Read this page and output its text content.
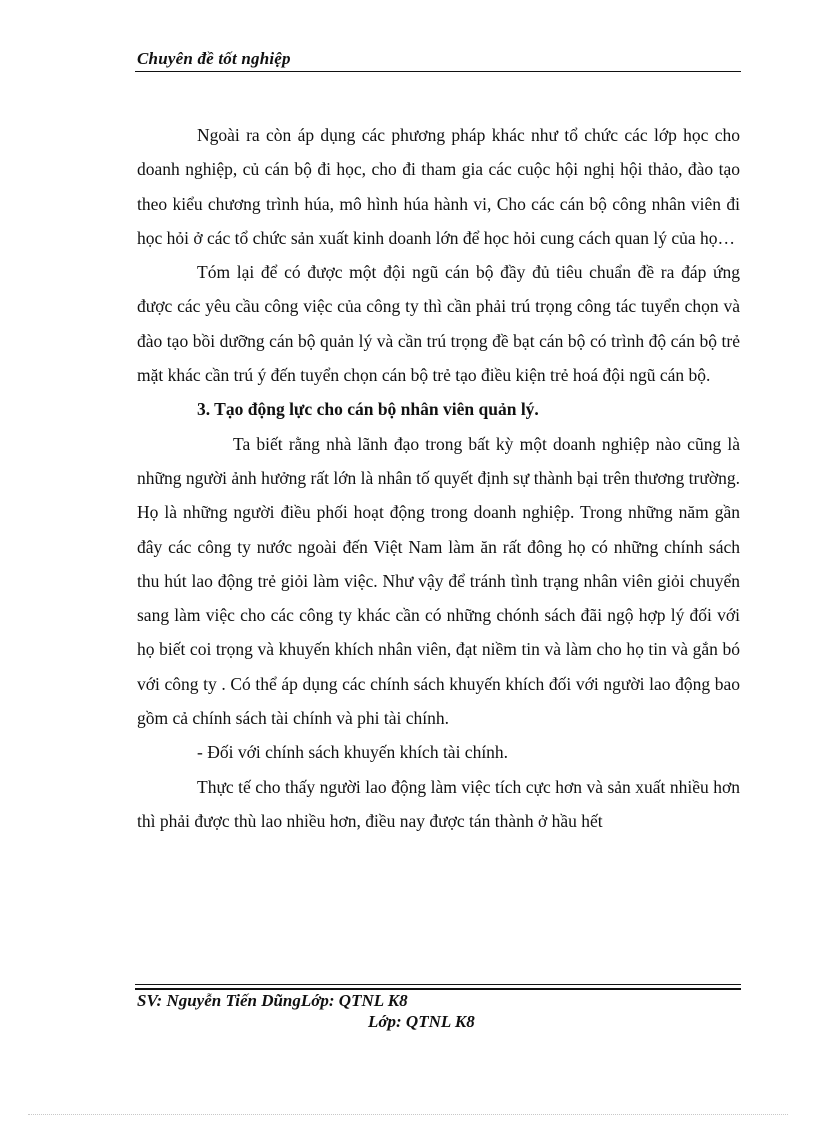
Chuyên đề tốt nghiệp

Ngoài ra còn áp dụng các phương pháp khác như tổ chức các lớp học cho doanh nghiệp, củ cán bộ đi học, cho đi tham gia các cuộc hội nghị hội thảo, đào tạo theo kiểu chương trình húa, mô hình húa hành vi, Cho các cán bộ công nhân viên đi học hỏi ở các tổ chức sản xuất kinh doanh lớn để học hỏi cung cách quan lý của họ…

Tóm lại để có được một đội ngũ cán bộ đầy đủ tiêu chuẩn đề ra đáp ứng được các yêu cầu công việc của công ty thì cần phải trú trọng công tác tuyển chọn và đào tạo bồi dưỡng cán bộ quản lý và cần trú trọng đề bạt cán bộ có trình độ cán bộ trẻ mặt khác cần trú ý đến tuyển chọn cán bộ trẻ tạo điều kiện trẻ hoá đội ngũ cán bộ.

3. Tạo động lực cho cán bộ nhân viên quản lý.

Ta biết rằng nhà lãnh đạo trong bất kỳ một doanh nghiệp nào cũng là những người ảnh hưởng rất lớn là nhân tố quyết định sự thành bại trên thương trường. Họ là những người điều phối hoạt động trong doanh nghiệp. Trong những năm gần đây các công ty nước ngoài đến Việt Nam làm ăn rất đông họ có những chính sách thu hút lao động trẻ giỏi làm việc. Như vậy để tránh tình trạng nhân viên giỏi chuyển sang làm việc cho các công ty khác cần có những chónh sách đãi ngộ hợp lý đối với họ biết coi trọng và khuyến khích nhân viên, đạt niềm tin và làm cho họ tin và gắn bó với công ty . Có thể áp dụng các chính sách khuyến khích đối với người lao động bao gồm cả chính sách tài chính và phi tài chính.

- Đối với chính sách khuyến khích tài chính.

Thực tế cho thấy người lao động làm việc tích cực hơn và sản xuất nhiều hơn thì phải được thù lao nhiều hơn, điều nay được tán thành ở hầu hết

SV: Nguyễn Tiến DũngLớp: QTNL K8
Lớp: QTNL K8
